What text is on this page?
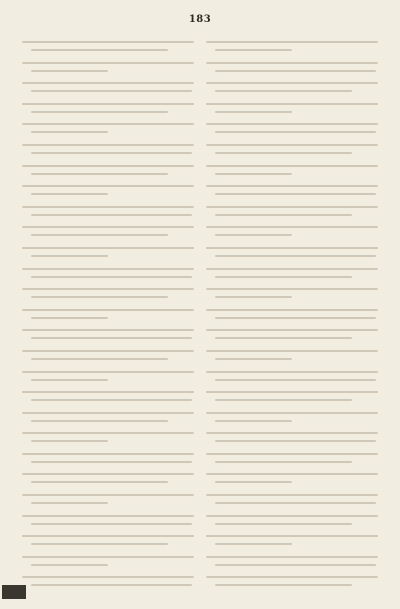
183
